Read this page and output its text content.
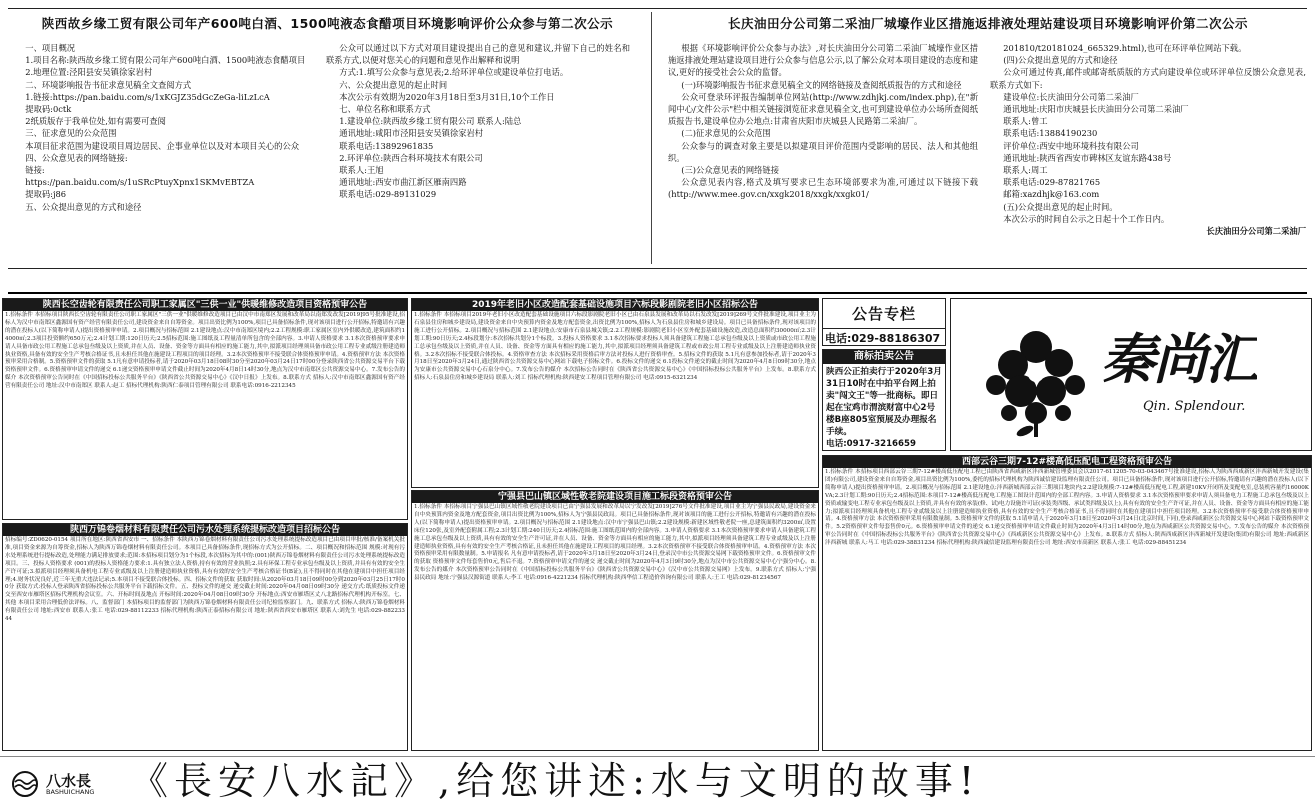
陕西故乡缘工贸有限公司年产600吨白酒、1500吨液态食醋项目环境影响评价公众参与第二次公示	长庆油田分公司第二采油厂城壕作业区措施返排液处理站建设项目环境影响评价第二次公示

一、项目概况

1.项目名称:陕西故乡缘工贸有限公司年产600吨白酒、1500吨液态食醋项目

2.地理位置:泾阳县安吴镇徐家岩村

二、环境影响报告书征求意见稿全文查阅方式

1.链接:https://pan.baidu.com/s/1xKGJZ35dGcZeGa-liLzLcA

提取码:0ctk

2纸质版存于我单位处,如有需要可查阅

三、征求意见的公众范围

本项目征求范围为建设项目周边居民、企事业单位以及对本项目关心的公众

四、公众意见表的网络链接:

链接:

https://pan.baidu.com/s/1uSRcPtuyXpnx1SKMvEBTZA

提取码:j86

五、公众提出意见的方式和途径

公众可以通过以下方式对项目建设提出自己的意见和建议,并留下自己的姓名和联系方式,以便对您关心的问题和意见作出解释和说明

方式:1.填写公众参与意见表;2.给环评单位或建设单位打电话。

六、公众提出意见的起止时间

本次公示有效期为2020年3月18日至3月31日,10个工作日

七、单位名称和联系方式

1.建设单位:陕西故乡缘工贸有限公司 联系人:陆总

通讯地址:咸阳市泾阳县安吴镇徐家岩村

联系电话:13892961835

2.环评单位:陕西合科环境技术有限公司

联系人:王旭

通讯地址:西安市曲江新区雁南四路

联系电话:029-89131029

根据《环境影响评价公众参与办法》,对长庆油田分公司第二采油厂城壕作业区措施返排液处理站建设项目进行公众参与信息公示,以了解公众对本项目建设的态度和建议,更好的接受社会公众的监督。

(一)环境影响报告书征求意见稿全文的网络链接及查阅纸质报告的方式和途径

公众可登录环评报告编制单位网站(http://www.zdhjkj.com/index.php),在"新闻中心/文件公示"栏中相关链接浏览征求意见稿全文,也可到建设单位办公场所查阅纸质报告书,建设单位办公地点:甘肃省庆阳市庆城县人民路第二采油厂。

(二)征求意见的公众范围

公众参与的调查对象主要是以拟建项目评价范围内受影响的居民、法人和其他组织。

(三)公众意见表的网络链接

公众意见表内容,格式及填写要求已生态环境部要求为准,可通过以下链接下载(http://www.mee.gov.cn/xxgk2018/xxgk/xxgk01/

201810/t20181024_665329.html),也可在环评单位网站下载。

(四)公众提出意见的方式和途径

公众可通过传真,邮件或邮寄纸质版的方式向建设单位或环评单位反馈公众意见表,联系方式如下:

建设单位:长庆油田分公司第二采油厂

通讯地址:庆阳市庆城县长庆油田分公司第二采油厂

联系人:曾工

联系电话:13884190230

评价单位:西安中地环境科技有限公司

通讯地址:陕西省西安市碑林区友谊东路438号

联系人:周工

联系电话:029-87821765

邮箱:xazdhjk@163.com

(五)公众提出意见的起止时间。

本次公示的时间自公示之日起十个工作日内。

长庆油田分公司第二采油厂
陕西长空齿轮有限责任公司职工家属区"三供一业"供暖维修改造项目资格预审公告
1.招标条件 本招标项目陕西长空齿轮有限责任公司职工家属区"三供一业"供暖维修改造项目已由汉中市南郑区发展和改革局以南郑发改发[2019]95号批准建设,招标人为汉中市南郑区鑫源国有资产经营有限责任公司,建设资金来自自筹资金。项目出资比例为100%,项目已具备招标条件,现对该项目进行公开招标,特邀请有兴趣的潜在投标人(以下简称申请人)提出资格预审申请。2.项目概况与招标范围 2.1建设地点:汉中市南郑区境内;2.2工程规模:职工家属区室内外供暖改造,建筑面积约14000㎡;2.3项目投资额约650万元;2.4计划工期:120日历天;2.5招标范围:施工图纸及工程量清单所包含的全部内容。3.申请人资格要求 3.1本次资格预审要求申请人具备市政公用工程施工总承包叁级及以上资质,并在人员、设备、资金等方面具有相应的施工能力,其中,拟派项目经理须具备市政公用工程专业贰级注册建造师执业资格,具备有效的安全生产考核合格证书,且未担任其他在施建设工程项目的项目经理。3.2本次资格预审不接受联合体资格预审申请。4.资格预审方法 本次资格预审采用合格制。5.资格预审文件的获取 5.1凡有意申请投标者,请于2020年03月18日08时30分至2020年03月24日17时00分登录陕西省公共资源交易平台下载资格预审文件。6.资格预审申请文件的递交 6.1递交资格预审申请文件截止时间为2020年4月8日14时30分,地点为汉中市南郑区公共资源交易中心。7.发布公告的媒介 本次资格预审公告同时在《中国招标投标公共服务平台》《陕西省公共资源交易中心》《汉中日报》上发布。8.联系方式 招标人:汉中市南郑区鑫源国有资产经营有限责任公司 地址:汉中市南郑区 联系人:赵工 招标代理机构:陕西仁泰项目管理有限公司 联系电话:0916-2212345
2019年老旧小区改造配套基础设施项目六标段影剧院老旧小区招标公告
1.招标条件 本招标项目2019年老旧小区改造配套基础设施项目六标段影剧院老旧小区已由石泉县发展和改革局以石发改发[2019]269号文件批准建设,项目业主为石泉县住房和城乡建设局,建设资金来自中央预算内资金及地方配套资金,出资比例为100%,招标人为石泉县住房和城乡建设局。项目已具备招标条件,现对该项目的施工进行公开招标。2.项目概况与招标范围 2.1建设地点:安康市石泉县城关镇;2.2工程规模:影剧院老旧小区室外配套基础设施改造,改造总面积约30000㎡;2.3计划工期:90日历天;2.4标段划分:本次招标共划分1个标段。3.投标人资格要求 3.1本次招标要求投标人须具备建筑工程施工总承包叁级及以上资质或市政公用工程施工总承包叁级及以上资质,并在人员、设备、资金等方面具有相应的施工能力,其中,拟派项目经理须具备建筑工程或市政公用工程专业贰级及以上注册建造师执业资格。3.2本次招标不接受联合体投标。4.资格审查方法 本次招标采用资格后审方法对投标人进行资格审查。5.招标文件的获取 5.1凡有意参加投标者,请于2020年3月18日至2020年3月24日,通过陕西省公共资源交易中心网站下载电子招标文件。6.投标文件的递交 6.1投标文件递交的截止时间为2020年4月8日09时30分,地点为安康市公共资源交易中心石泉分中心。7.发布公告的媒介 本次招标公告同时在《陕西省公共资源交易中心》《中国招标投标公共服务平台》上发布。8.联系方式 招标人:石泉县住房和城乡建设局 联系人:刘工 招标代理机构:陕西建安工程项目管理有限公司 电话:0915-6321234
陕西万锦卷烟材料有限责任公司污水处理系统提标改造项目招标公告
招标编号:ZD0620-0154 项目所在地区:陕西省西安市 一、招标条件 本陕西万锦卷烟材料有限责任公司污水处理系统提标改造项目已由项目审批/核准/备案机关批准,项目资金来源为自筹资金,招标人为陕西万锦卷烟材料有限责任公司。本项目已具备招标条件,现招标方式为公开招标。二、项目概况和招标范围 规模:对现有污水处理系统进行提标改造,处理能力满足排放要求;范围:本招标项目划分为1个标段,本次招标为其中的:(001)陕西万锦卷烟材料有限责任公司污水处理系统提标改造项目。三、投标人资格要求 (001)的投标人资格能力要求:1.具有独立法人资格,持有有效的营业执照;2.具有环保工程专业承包叁级及以上资质,并具有有效的安全生产许可证;3.拟派项目经理须具备机电工程专业贰级及以上注册建造师执业资格,具有有效的安全生产考核合格证书(B证),且不得同时在其他在建项目中担任项目经理;4.财务状况良好,近三年无重大违法记录;5.本项目不接受联合体投标。四、招标文件的获取 获取时间:从2020年03月18日09时00分到2020年03月25日17时00分 获取方式:投标人登录陕西省招标投标公共服务平台下载招标文件。五、投标文件的递交 递交截止时间:2020年04月08日09时30分 递交方式:纸质投标文件递交至西安市雁塔区招标代理机构会议室。六、开标时间及地点 开标时间:2020年04月08日09时30分 开标地点:西安市雁塔区丈八北路招标代理机构开标室。七、其他 本项目采用合理低价法评标。八、监督部门 本招标项目的监督部门为陕西万锦卷烟材料有限责任公司纪检监察部门。九、联系方式 招标人:陕西万锦卷烟材料有限责任公司 地址:西安市 联系人:张工 电话:029-88112233 招标代理机构:陕西正泰招标有限公司 地址:陕西省西安市雁塔区 联系人:刘先生 电话:029-88223344
宁强县巴山镇区域性敬老院建设项目施工标段资格预审公告
1.招标条件 本招标项目宁强县巴山镇区域性敬老院建设项目已由宁强县发展和改革局以宁发改发[2019]276号文件批准建设,项目业主为宁强县民政局,建设资金来自中央预算内资金及地方配套资金,项目出资比例为100%,招标人为宁强县民政局。项目已具备招标条件,现对该项目的施工进行公开招标,特邀请有兴趣的潜在投标人(以下简称申请人)提出资格预审申请。2.项目概况与招标范围 2.1建设地点:汉中市宁强县巴山镇;2.2建设规模:新建区域性敬老院一座,总建筑面积约3200㎡,设置床位120张,及室外配套附属工程;2.3计划工期:240日历天;2.4招标范围:施工图纸范围内的全部内容。3.申请人资格要求 3.1本次资格预审要求申请人具备建筑工程施工总承包叁级及以上资质,具有有效的安全生产许可证,并在人员、设备、资金等方面具有相应的施工能力,其中,拟派项目经理须具备建筑工程专业贰级及以上注册建造师执业资格,具有有效的安全生产考核合格证,且未担任其他在施建设工程项目的项目经理。3.2本次资格预审不接受联合体资格预审申请。4.资格预审方法 本次资格预审采用有限数量制。5.申请报名 凡有意申请投标者,请于2020年3月18日至2020年3月24日,登录汉中市公共资源交易网下载资格预审文件。6.资格预审文件的获取 资格预审文件每套售价0元,售后不退。7.资格预审申请文件的递交 递交截止时间为2020年4月3日9时30分,地点为汉中市公共资源交易中心宁强分中心。8.发布公告的媒介 本次资格预审公告同时在《中国招标投标公共服务平台》《陕西省公共资源交易中心》《汉中市公共资源交易网》上发布。9.联系方式 招标人:宁强县民政局 地址:宁强县汉源街道 联系人:李工 电话:0916-4221234 招标代理机构:陕西华信工程造价咨询有限公司 联系人:王工 电话:029-81234567
公告专栏
电话:029-88186307
商标拍卖公告
陕西公正拍卖行于2020年3月31日10时在中拍平台网上拍卖"闯文王"等一批商标。即日起在宝鸡市渭滨财富中心2号楼B座805室预展及办理报名手续。
电话:0917-3216659
秦尚汇
Qin. Splendour.
西部云谷三期7-12#楼高低压配电工程资格预审公告
1.招标条件 本招标项目西部云谷三期7-12#楼高低压配电工程已由陕西省西咸新区沣西新城管理委员会以2017-611205-70-03-043467号批准建设,招标人为陕西西咸新区沣西新城开发建设(集团)有限公司,建设资金来自自筹资金,项目出资比例为100%,委托的招标代理机构为陕西诚信建设监理有限责任公司。项目已具备招标条件,现对该项目进行公开招标,特邀请有兴趣的潜在投标人(以下简称申请人)提出资格预审申请。2.项目概况与招标范围 2.1建设地点:沣西新城西部云谷三期项目地块内;2.2建设规模:7-12#楼高低压配电工程,新建10KV开闭所及变配电室,总装机容量约16000KVA;2.3计划工期:90日历天;2.4招标范围:本项目7-12#楼高低压配电工程施工图设计范围内的全部工程内容。3.申请人资格要求 3.1本次资格预审要求申请人须具备电力工程施工总承包叁级及以上资质或输变电工程专业承包叁级及以上资质,并具有有效的承装(修、试)电力设施许可证(承装类四级、承试类四级及以上),具有有效的安全生产许可证,并在人员、设备、资金等方面具有相应的施工能力;拟派项目经理须具备机电工程专业贰级及以上注册建造师执业资格,具有有效的安全生产考核合格证书,且不得同时在其他在建项目中担任项目经理。3.2本次资格预审不接受联合体资格预审申请。4.资格预审方法 本次资格预审采用有限数量制。5.资格预审文件的获取 5.1请申请人于2020年3月18日至2020年3月24日(北京时间,下同),登录西咸新区公共资源交易中心网站下载资格预审文件。5.2资格预审文件每套售价0元。6.资格预审申请文件的递交 6.1递交资格预审申请文件截止时间为2020年4月3日14时00分,地点为西咸新区公共资源交易中心。7.发布公告的媒介 本次资格预审公告同时在《中国招标投标公共服务平台》《陕西省公共资源交易中心》《西咸新区公共资源交易中心》上发布。8.联系方式 招标人:陕西西咸新区沣西新城开发建设(集团)有限公司 地址:西咸新区沣西新城 联系人:马工 电话:029-38831234 招标代理机构:陕西诚信建设监理有限责任公司 地址:西安市高新区 联系人:张工 电话:029-88451234
八水長
BASHUICHANG 《長安八水記》,给您讲述:水与文明的故事!
